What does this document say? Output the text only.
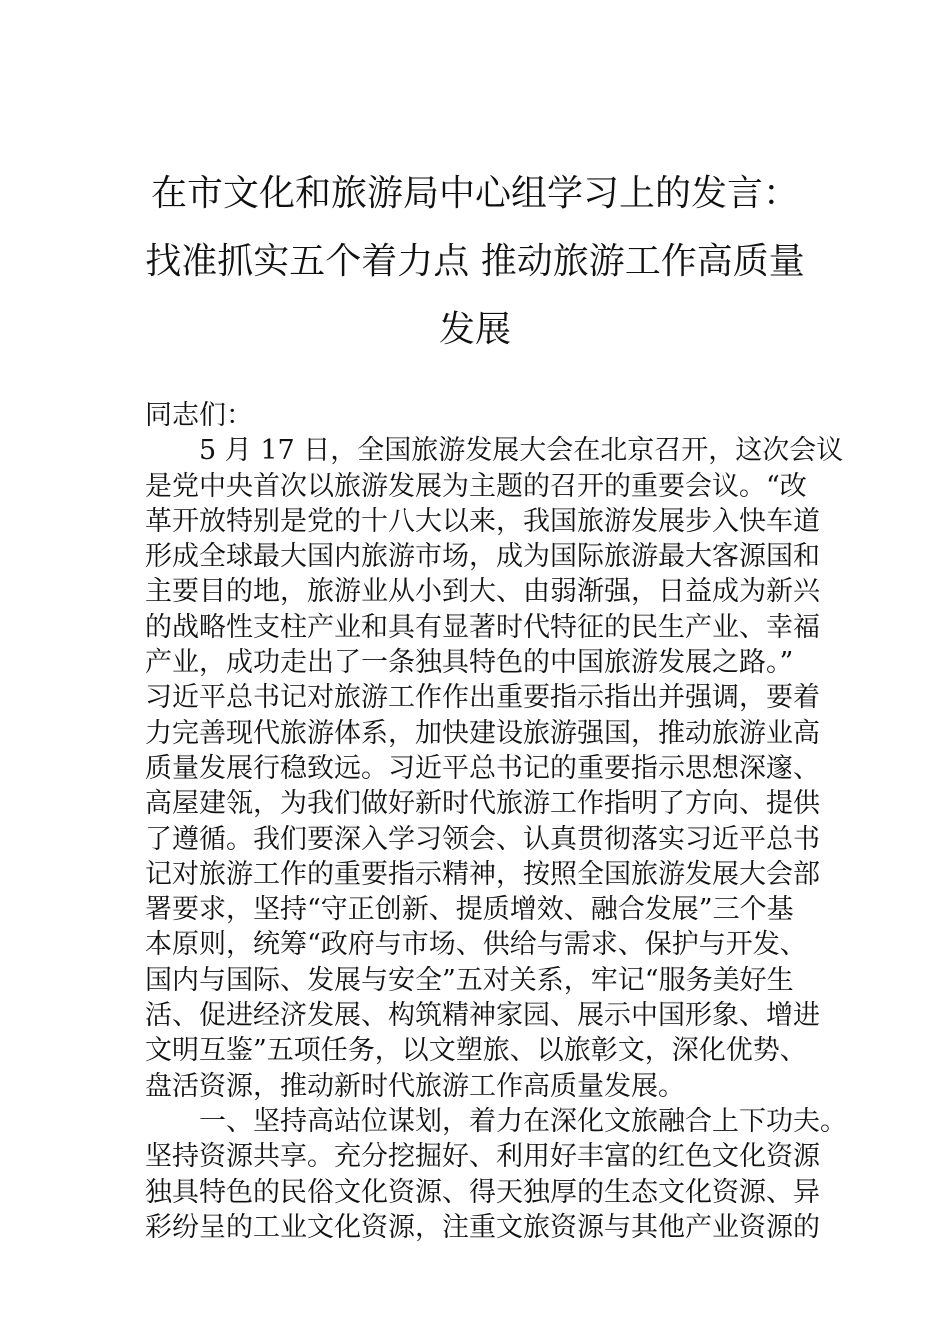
在市文化和旅游局中心组学习上的发言：
找准抓实五个着力点 推动旅游工作高质量
发展
同志们：
5 月 17 日，全国旅游发展大会在北京召开，这次会议
是党中央首次以旅游发展为主题的召开的重要会议。“改
革开放特别是党的十八大以来，我国旅游发展步入快车道
形成全球最大国内旅游市场，成为国际旅游最大客源国和
主要目的地，旅游业从小到大、由弱渐强，日益成为新兴
的战略性支柱产业和具有显著时代特征的民生产业、幸福
产业，成功走出了一条独具特色的中国旅游发展之路。”
习近平总书记对旅游工作作出重要指示指出并强调，要着
力完善现代旅游体系，加快建设旅游强国，推动旅游业高
质量发展行稳致远。习近平总书记的重要指示思想深邃、
高屋建瓴，为我们做好新时代旅游工作指明了方向、提供
了遵循。我们要深入学习领会、认真贯彻落实习近平总书
记对旅游工作的重要指示精神，按照全国旅游发展大会部
署要求，坚持“守正创新、提质增效、融合发展”三个基
本原则，统筹“政府与市场、供给与需求、保护与开发、
国内与国际、发展与安全”五对关系，牢记“服务美好生
活、促进经济发展、构筑精神家园、展示中国形象、增进
文明互鉴”五项任务，以文塑旅、以旅彰文，深化优势、
盘活资源，推动新时代旅游工作高质量发展。
一、坚持高站位谋划，着力在深化文旅融合上下功夫。
坚持资源共享。充分挖掘好、利用好丰富的红色文化资源
独具特色的民俗文化资源、得天独厚的生态文化资源、异
彩纷呈的工业文化资源，注重文旅资源与其他产业资源的
